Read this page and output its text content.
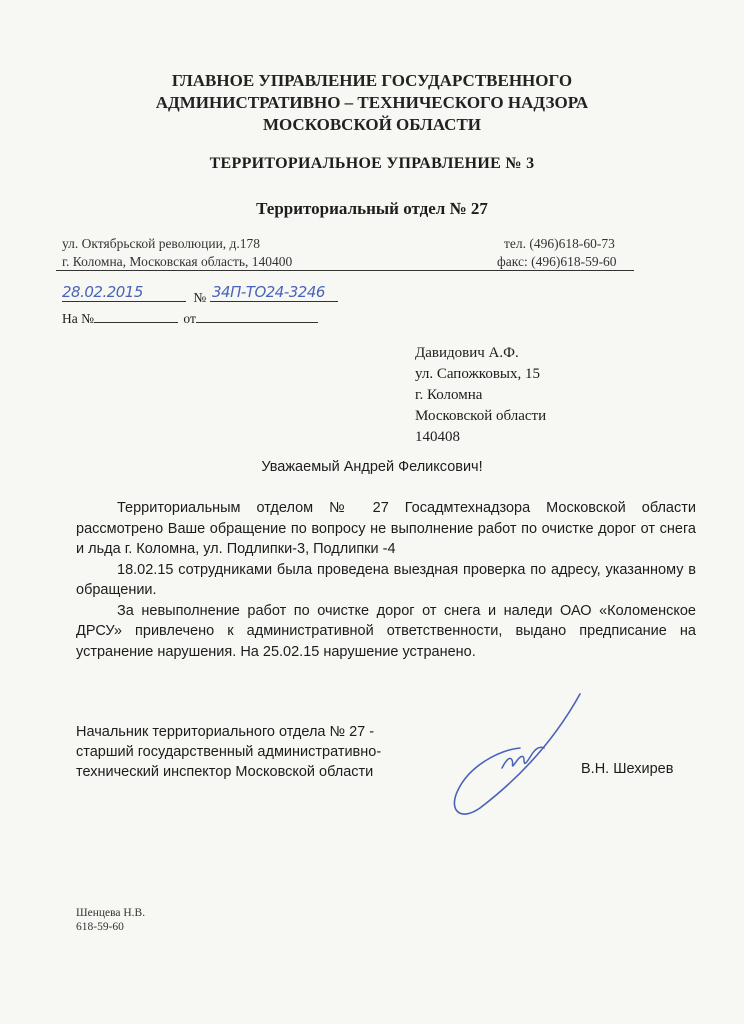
ГЛАВНОЕ УПРАВЛЕНИЕ ГОСУДАРСТВЕННОГО
АДМИНИСТРАТИВНО – ТЕХНИЧЕСКОГО НАДЗОРА
МОСКОВСКОЙ ОБЛАСТИ
ТЕРРИТОРИАЛЬНОЕ УПРАВЛЕНИЕ № 3
Территориальный отдел № 27
ул. Октябрьской революции, д.178
г. Коломна, Московская область, 140400
тел. (496)618-60-73
факс: (496)618-59-60
№
28.02.2015	34П-ТО24-3246
На №	от
Давидович А.Ф.
ул. Сапожковых, 15
г. Коломна
Московской области
140408
Уважаемый Андрей Феликсович!

Территориальным отделом № 27 Госадмтехнадзора Московской области рассмотрено Ваше обращение по вопросу не выполнение работ по очистке дорог от снега и льда г. Коломна, ул. Подлипки-3, Подлипки -4

18.02.15 сотрудниками была проведена выездная проверка по адресу, указанному в обращении.

За невыполнение работ по очистке дорог от снега и наледи ОАО «Коломенское ДРСУ» привлечено к административной ответственности, выдано предписание на устранение нарушения. На 25.02.15 нарушение устранено.

Начальник территориального отдела № 27 -
старший государственный административно-
технический инспектор Московской области	В.Н. Шехирев
Шенцева Н.В.
618-59-60
